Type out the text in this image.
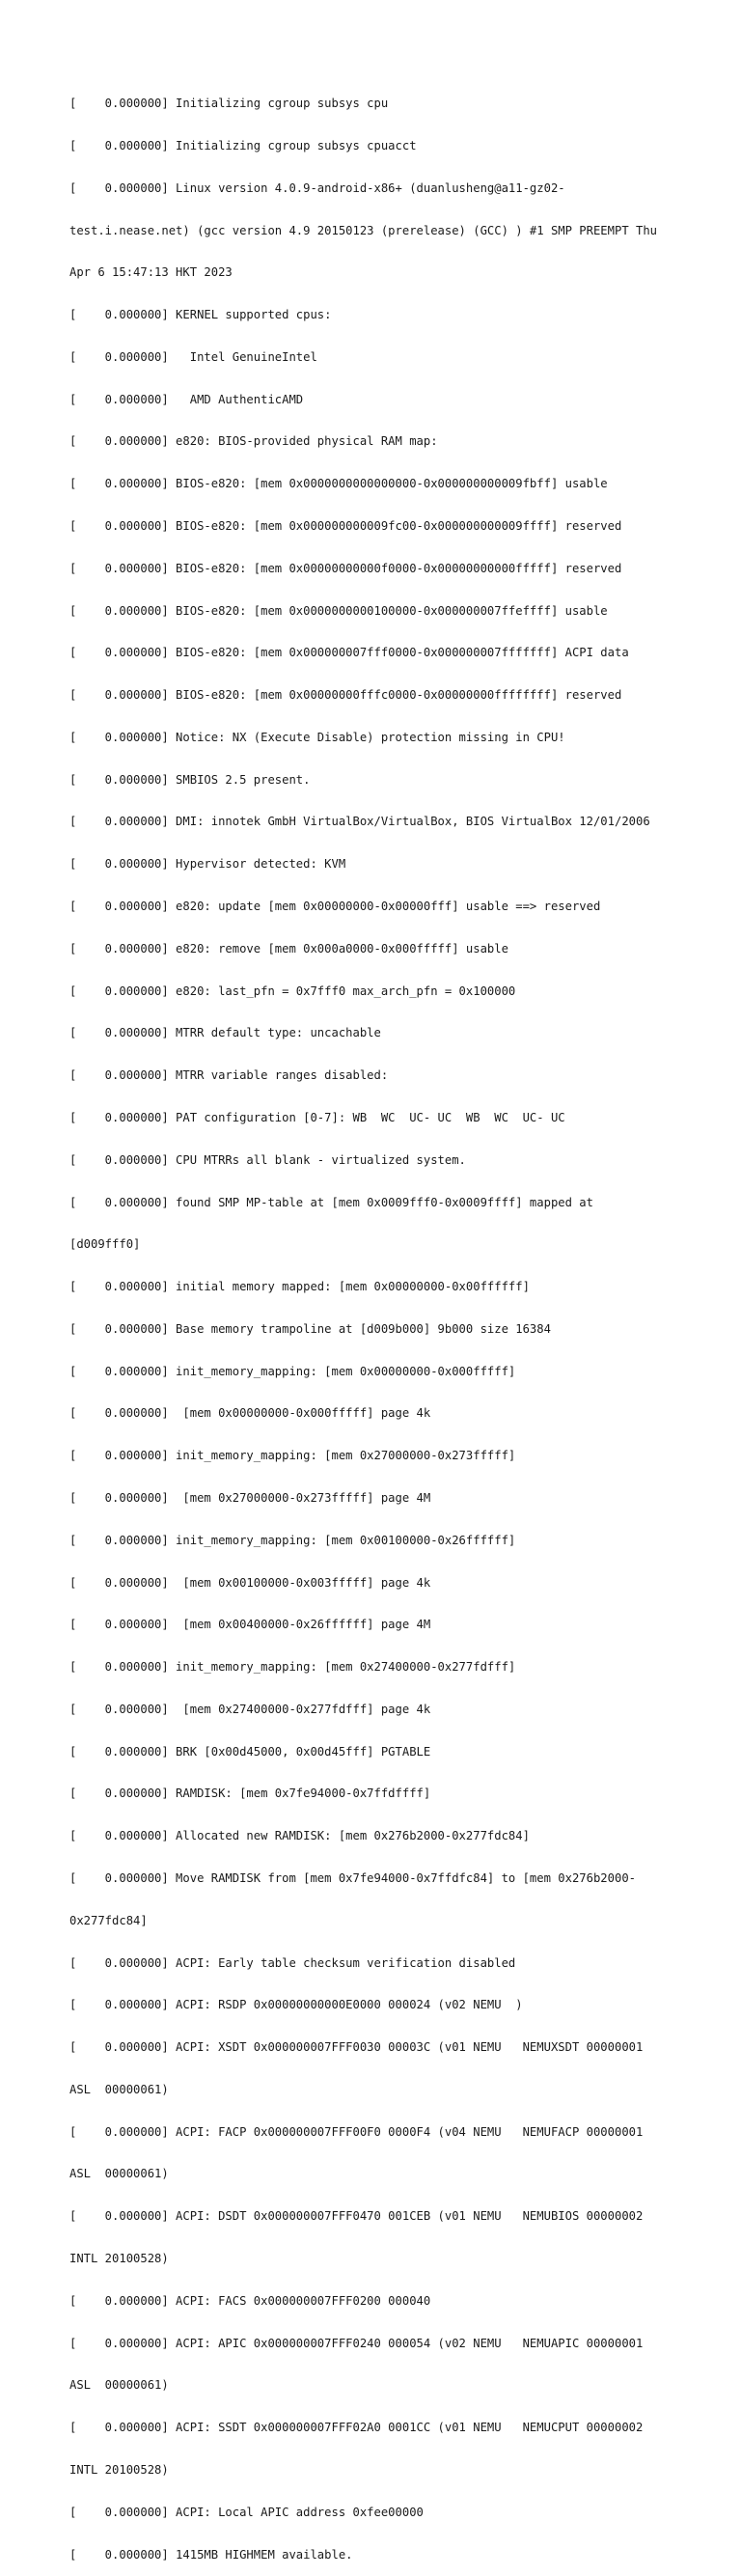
[    0.000000] Initializing cgroup subsys cpu

[    0.000000] Initializing cgroup subsys cpuacct

[    0.000000] Linux version 4.0.9-android-x86+ (duanlusheng@a11-gz02-

test.i.nease.net) (gcc version 4.9 20150123 (prerelease) (GCC) ) #1 SMP PREEMPT Thu

Apr 6 15:47:13 HKT 2023

[    0.000000] KERNEL supported cpus:

[    0.000000]   Intel GenuineIntel

[    0.000000]   AMD AuthenticAMD

[    0.000000] e820: BIOS-provided physical RAM map:

[    0.000000] BIOS-e820: [mem 0x0000000000000000-0x000000000009fbff] usable

[    0.000000] BIOS-e820: [mem 0x000000000009fc00-0x000000000009ffff] reserved

[    0.000000] BIOS-e820: [mem 0x00000000000f0000-0x00000000000fffff] reserved

[    0.000000] BIOS-e820: [mem 0x0000000000100000-0x000000007ffeffff] usable

[    0.000000] BIOS-e820: [mem 0x000000007fff0000-0x000000007fffffff] ACPI data

[    0.000000] BIOS-e820: [mem 0x00000000fffc0000-0x00000000ffffffff] reserved

[    0.000000] Notice: NX (Execute Disable) protection missing in CPU!

[    0.000000] SMBIOS 2.5 present.

[    0.000000] DMI: innotek GmbH VirtualBox/VirtualBox, BIOS VirtualBox 12/01/2006

[    0.000000] Hypervisor detected: KVM

[    0.000000] e820: update [mem 0x00000000-0x00000fff] usable ==> reserved

[    0.000000] e820: remove [mem 0x000a0000-0x000fffff] usable

[    0.000000] e820: last_pfn = 0x7fff0 max_arch_pfn = 0x100000

[    0.000000] MTRR default type: uncachable

[    0.000000] MTRR variable ranges disabled:

[    0.000000] PAT configuration [0-7]: WB  WC  UC- UC  WB  WC  UC- UC

[    0.000000] CPU MTRRs all blank - virtualized system.

[    0.000000] found SMP MP-table at [mem 0x0009fff0-0x0009ffff] mapped at

[d009fff0]

[    0.000000] initial memory mapped: [mem 0x00000000-0x00ffffff]

[    0.000000] Base memory trampoline at [d009b000] 9b000 size 16384

[    0.000000] init_memory_mapping: [mem 0x00000000-0x000fffff]

[    0.000000]  [mem 0x00000000-0x000fffff] page 4k

[    0.000000] init_memory_mapping: [mem 0x27000000-0x273fffff]

[    0.000000]  [mem 0x27000000-0x273fffff] page 4M

[    0.000000] init_memory_mapping: [mem 0x00100000-0x26ffffff]

[    0.000000]  [mem 0x00100000-0x003fffff] page 4k

[    0.000000]  [mem 0x00400000-0x26ffffff] page 4M

[    0.000000] init_memory_mapping: [mem 0x27400000-0x277fdfff]

[    0.000000]  [mem 0x27400000-0x277fdfff] page 4k

[    0.000000] BRK [0x00d45000, 0x00d45fff] PGTABLE

[    0.000000] RAMDISK: [mem 0x7fe94000-0x7ffdffff]

[    0.000000] Allocated new RAMDISK: [mem 0x276b2000-0x277fdc84]

[    0.000000] Move RAMDISK from [mem 0x7fe94000-0x7ffdfc84] to [mem 0x276b2000-

0x277fdc84]

[    0.000000] ACPI: Early table checksum verification disabled

[    0.000000] ACPI: RSDP 0x00000000000E0000 000024 (v02 NEMU  )

[    0.000000] ACPI: XSDT 0x000000007FFF0030 00003C (v01 NEMU   NEMUXSDT 00000001

ASL  00000061)

[    0.000000] ACPI: FACP 0x000000007FFF00F0 0000F4 (v04 NEMU   NEMUFACP 00000001

ASL  00000061)

[    0.000000] ACPI: DSDT 0x000000007FFF0470 001CEB (v01 NEMU   NEMUBIOS 00000002

INTL 20100528)

[    0.000000] ACPI: FACS 0x000000007FFF0200 000040

[    0.000000] ACPI: APIC 0x000000007FFF0240 000054 (v02 NEMU   NEMUAPIC 00000001

ASL  00000061)

[    0.000000] ACPI: SSDT 0x000000007FFF02A0 0001CC (v01 NEMU   NEMUCPUT 00000002

INTL 20100528)

[    0.000000] ACPI: Local APIC address 0xfee00000

[    0.000000] 1415MB HIGHMEM available.
